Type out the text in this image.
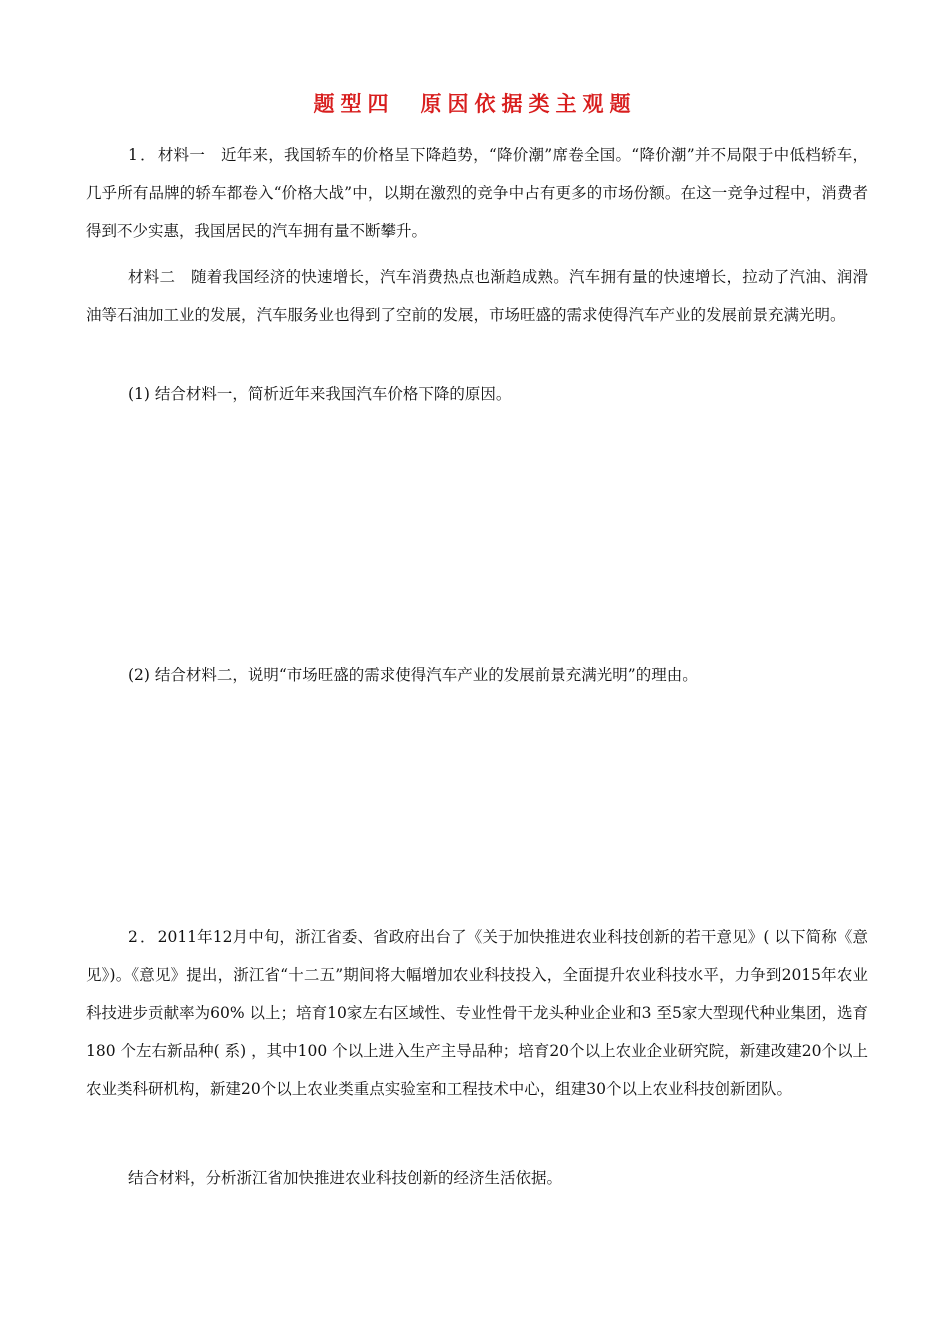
题型四 原因依据类主观题

1．材料一　 近年来，我国轿车的价格呈下降趋势，“降价潮”席卷全国。“降价潮”并不局限于中低档轿车，几乎所有品牌的轿车都卷入“价格大战”中，以期在激烈的竞争中占有更多的市场份额。在这一竞争过程中，消费者得到不少实惠，我国居民的汽车拥有量不断攀升。

材料二　 随着我国经济的快速增长，汽车消费热点也渐趋成熟。汽车拥有量的快速增长，拉动了汽油、润滑油等石油加工业的发展，汽车服务业也得到了空前的发展，市场旺盛的需求使得汽车产业的发展前景充满光明。

(1) 结合材料一，简析近年来我国汽车价格下降的原因。

(2) 结合材料二，说明“市场旺盛的需求使得汽车产业的发展前景充满光明”的理由。

2．2011年12月中旬，浙江省委、省政府出台了《关于加快推进农业科技创新的若干意见》( 以下简称《意见》)。《意见》提出，浙江省“十二五”期间将大幅增加农业科技投入，全面提升农业科技水平，力争到2015年农业科技进步贡献率为60% 以上；培育10家左右区域性、专业性骨干龙头种业企业和3 至5家大型现代种业集团，选育180 个左右新品种( 系) ，其中100 个以上进入生产主导品种；培育20个以上农业企业研究院，新建改建20个以上农业类科研机构，新建20个以上农业类重点实验室和工程技术中心，组建30个以上农业科技创新团队。

结合材料，分析浙江省加快推进农业科技创新的经济生活依据。
